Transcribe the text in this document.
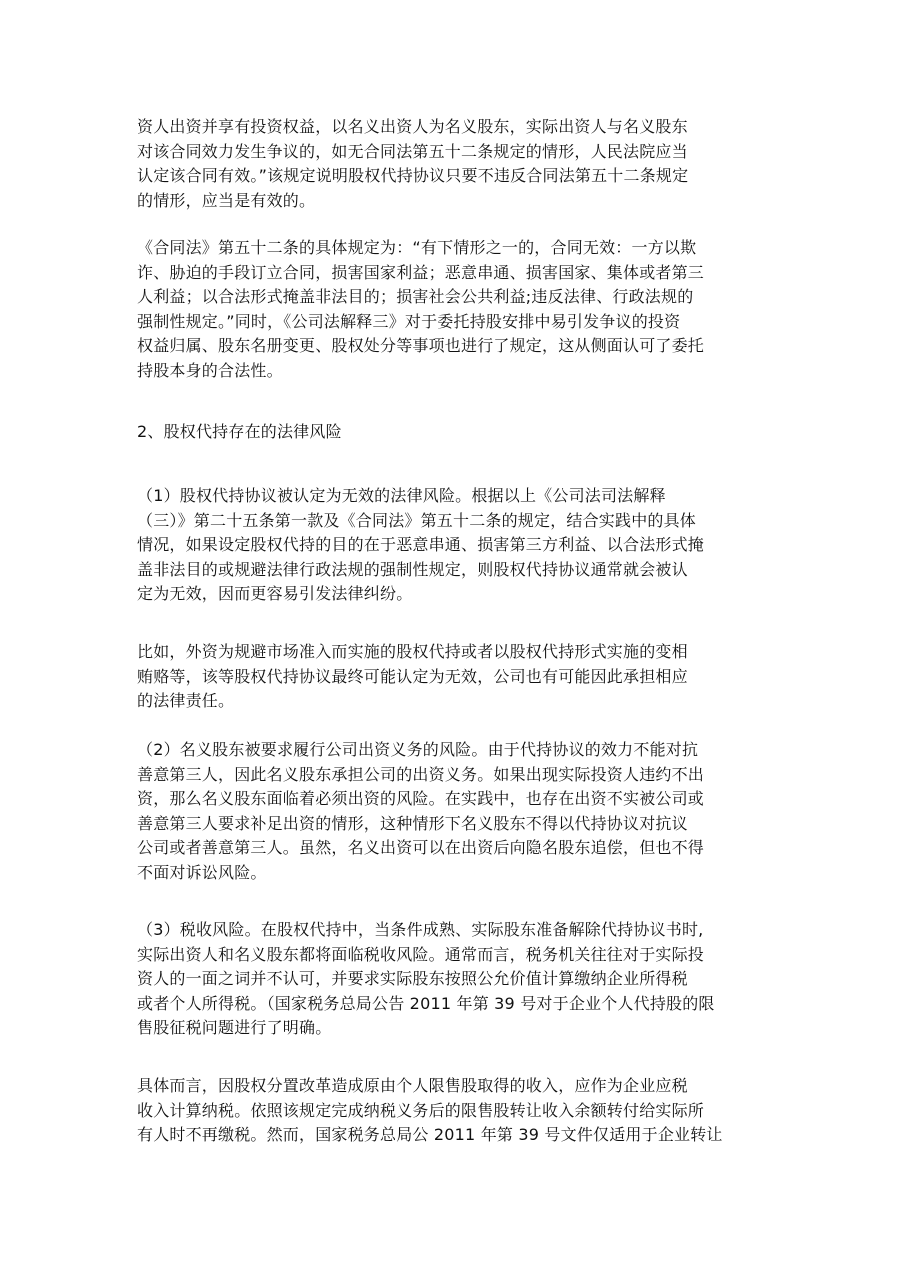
资人出资并享有投资权益，以名义出资人为名义股东，实际出资人与名义股东
对该合同效力发生争议的，如无合同法第五十二条规定的情形，人民法院应当
认定该合同有效。”该规定说明股权代持协议只要不违反合同法第五十二条规定
的情形，应当是有效的。
《合同法》第五十二条的具体规定为：“有下情形之一的，合同无效：一方以欺
诈、胁迫的手段订立合同，损害国家利益；恶意串通、损害国家、集体或者第三
人利益；以合法形式掩盖非法目的；损害社会公共利益;违反法律、行政法规的
强制性规定。”同时，《公司法解释三》对于委托持股安排中易引发争议的投资
权益归属、股东名册变更、股权处分等事项也进行了规定，这从侧面认可了委托
持股本身的合法性。
2、股权代持存在的法律风险
（1）股权代持协议被认定为无效的法律风险。根据以上《公司法司法解释
（三）》第二十五条第一款及《合同法》第五十二条的规定，结合实践中的具体
情况，如果设定股权代持的目的在于恶意串通、损害第三方利益、以合法形式掩
盖非法目的或规避法律行政法规的强制性规定，则股权代持协议通常就会被认
定为无效，因而更容易引发法律纠纷。
比如，外资为规避市场准入而实施的股权代持或者以股权代持形式实施的变相
贿赂等，该等股权代持协议最终可能认定为无效，公司也有可能因此承担相应
的法律责任。
（2）名义股东被要求履行公司出资义务的风险。由于代持协议的效力不能对抗
善意第三人，因此名义股东承担公司的出资义务。如果出现实际投资人违约不出
资，那么名义股东面临着必须出资的风险。在实践中，也存在出资不实被公司或
善意第三人要求补足出资的情形，这种情形下名义股东不得以代持协议对抗议
公司或者善意第三人。虽然，名义出资可以在出资后向隐名股东追偿，但也不得
不面对诉讼风险。
（3）税收风险。在股权代持中，当条件成熟、实际股东准备解除代持协议书时,
实际出资人和名义股东都将面临税收风险。通常而言，税务机关往往对于实际投
资人的一面之词并不认可，并要求实际股东按照公允价值计算缴纳企业所得税
或者个人所得税。（国家税务总局公告 2011 年第 39 号对于企业个人代持股的限
售股征税问题进行了明确。
具体而言，因股权分置改革造成原由个人限售股取得的收入，应作为企业应税
收入计算纳税。依照该规定完成纳税义务后的限售股转让收入余额转付给实际所
有人时不再缴税。然而，国家税务总局公 2011 年第 39 号文件仅适用于企业转让
